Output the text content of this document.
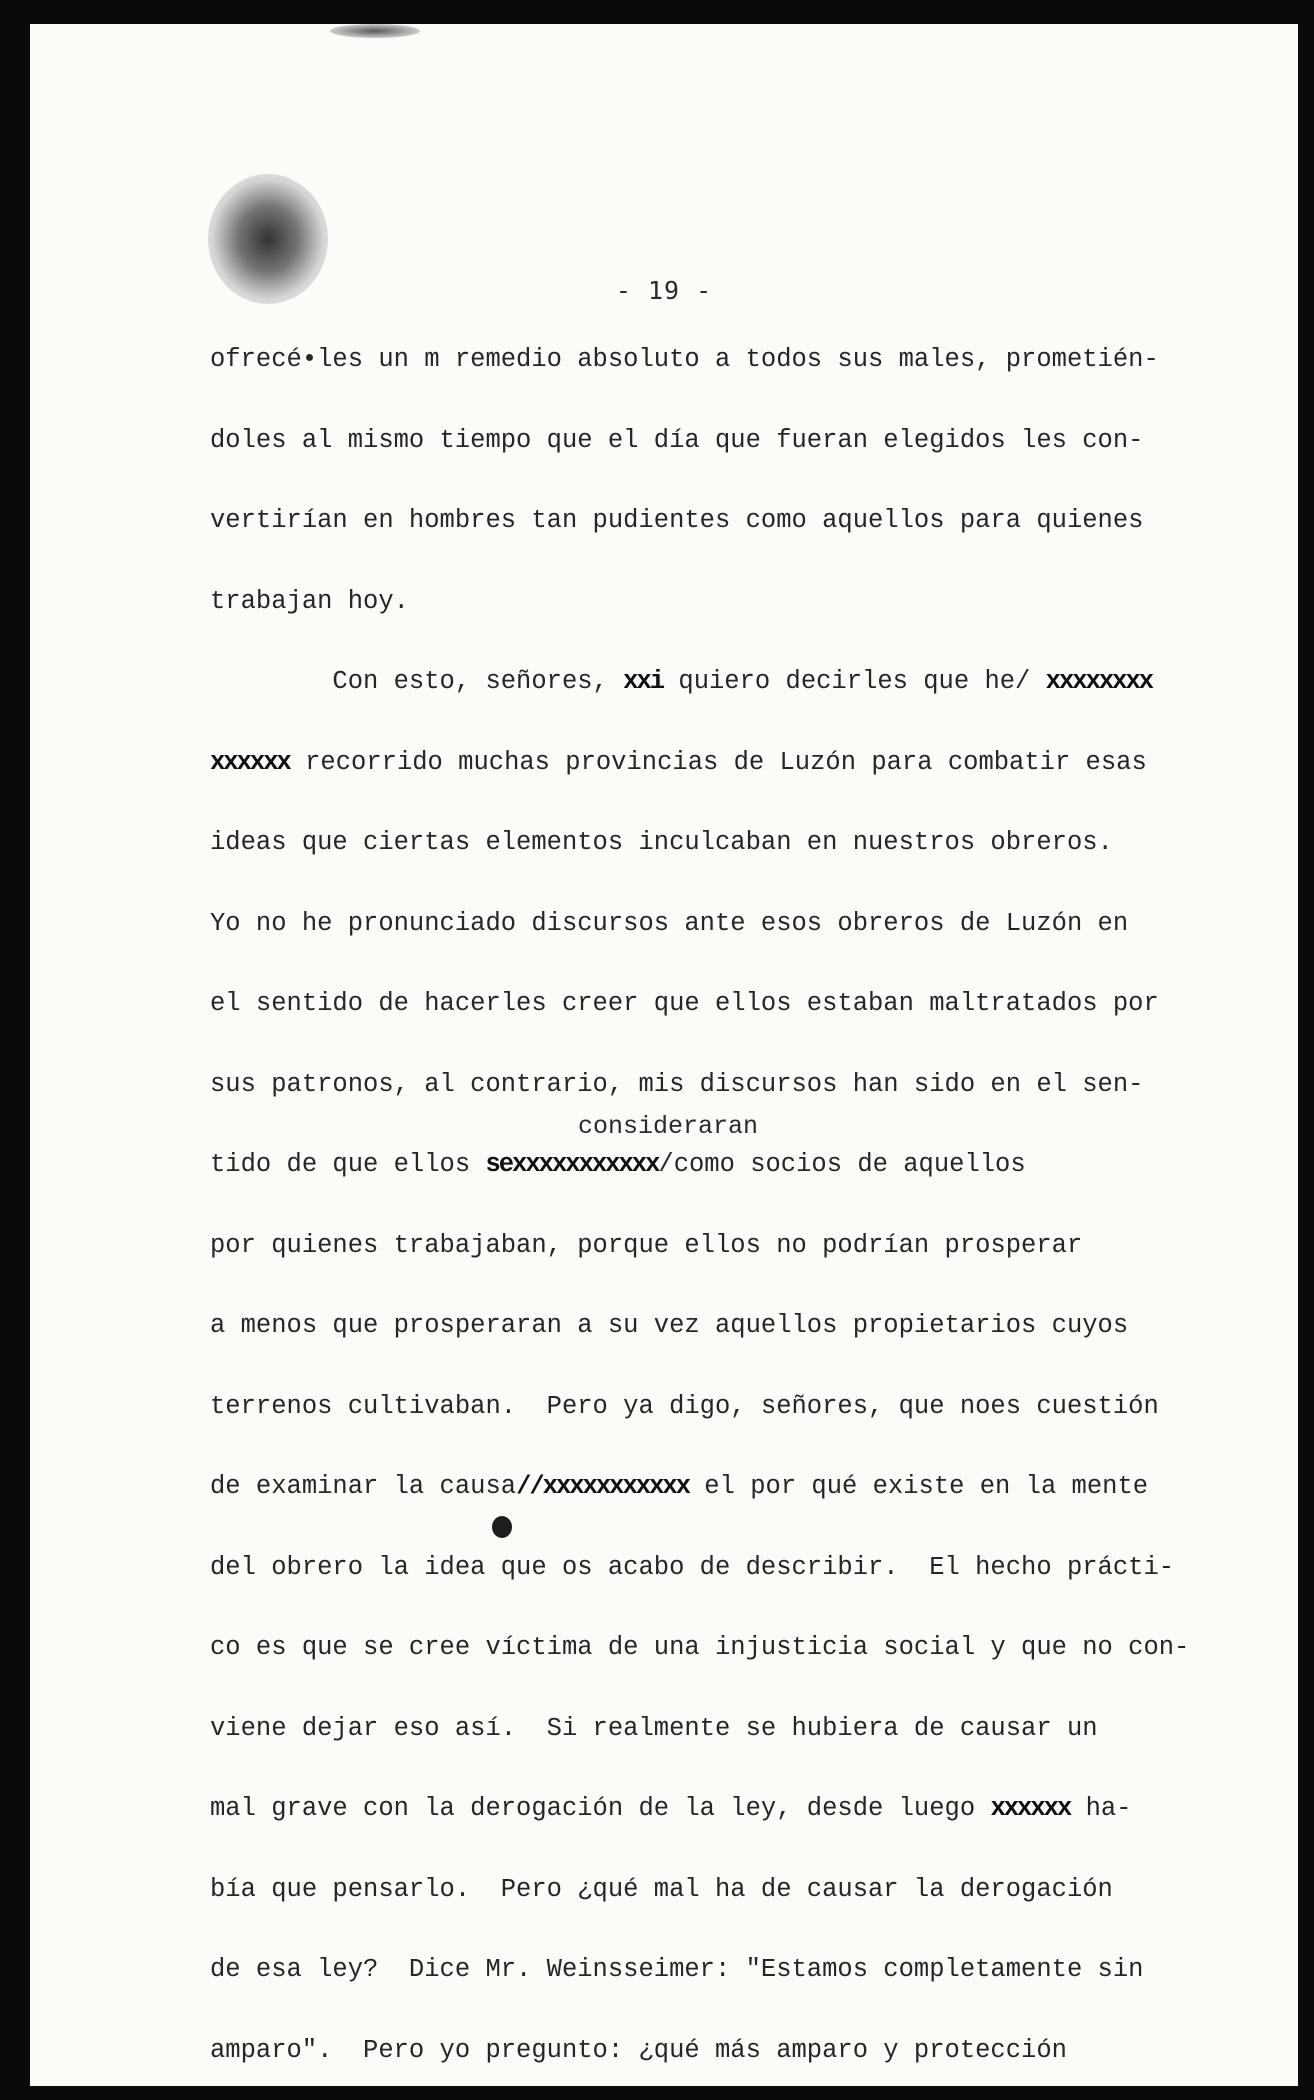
- 19 -
ofrecé•les un m remedio absoluto a todos sus males, prometién-
doles al mismo tiempo que el día que fueran elegidos les con-
vertirían en hombres tan pudientes como aquellos para quienes
trabajan hoy.
Con esto, señores, xxi quiero decirles que he/ xxxxxxxx
xxxxxx recorrido muchas provincias de Luzón para combatir esas
ideas que ciertas elementos inculcaban en nuestros obreros.
Yo no he pronunciado discursos ante esos obreros de Luzón en
el sentido de hacerles creer que ellos estaban maltratados por
sus patronos, al contrario, mis discursos han sido en el sen-
consideraran
tido de que ellos sexxxxxxxxxxx/como socios de aquellos
por quienes trabajaban, porque ellos no podrían prosperar
a menos que prosperaran a su vez aquellos propietarios cuyos
terrenos cultivaban.  Pero ya digo, señores, que noes cuestión
de examinar la causa//xxxxxxxxxxx el por qué existe en la mente
del obrero la idea que os acabo de describir.  El hecho prácti-
co es que se cree víctima de una injusticia social y que no con-
viene dejar eso así.  Si realmente se hubiera de causar un
mal grave con la derogación de la ley, desde luego xxxxxx ha-
bía que pensarlo.  Pero ¿qué mal ha de causar la derogación
de esa ley?  Dice Mr. Weinsseimer: "Estamos completamente sin
amparo".  Pero yo pregunto: ¿qué más amparo y protección
